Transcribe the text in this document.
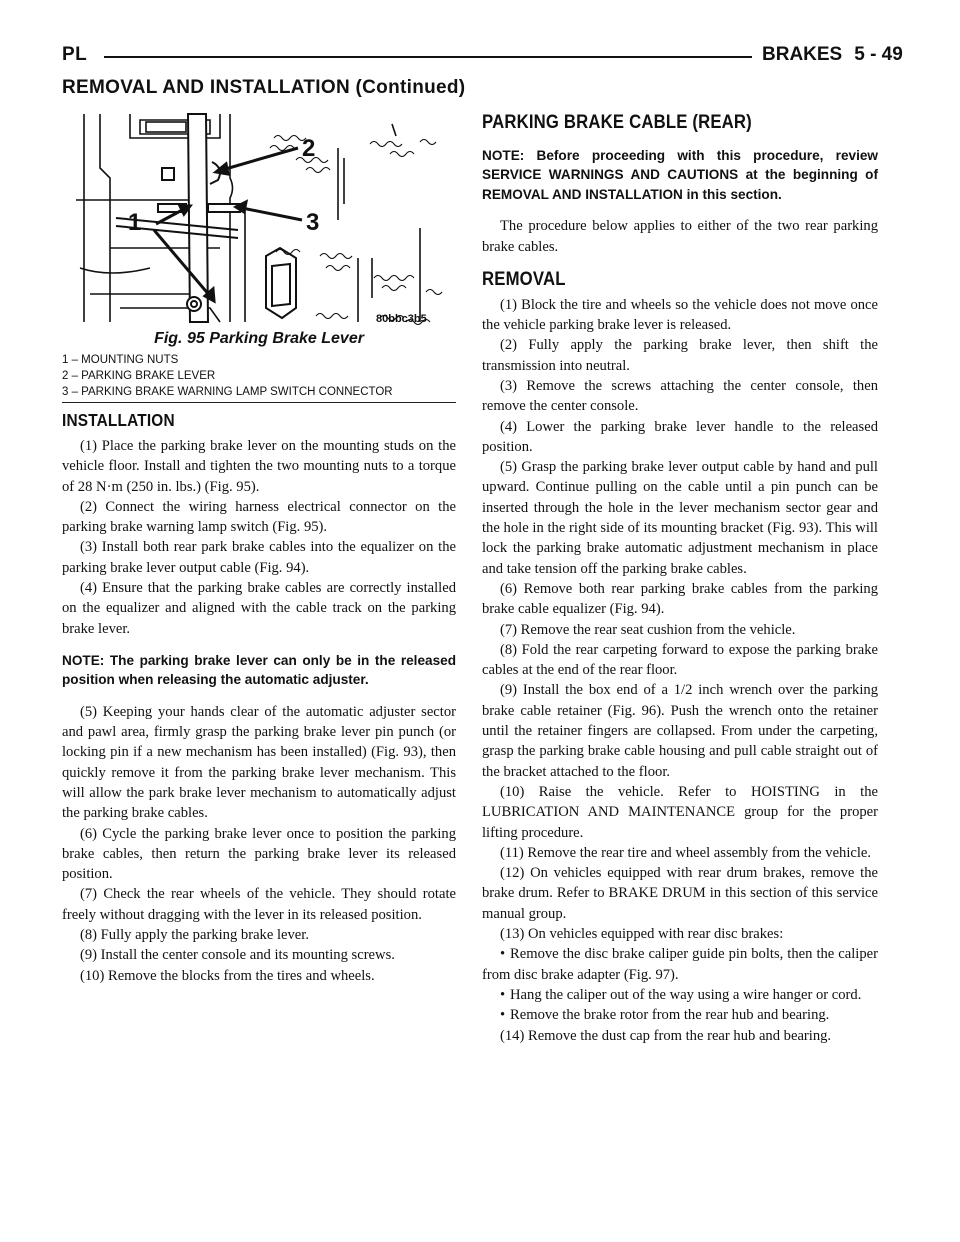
PL	BRAKES 5 - 49
REMOVAL AND INSTALLATION (Continued)
2
3
1
80bbc3b5
Fig. 95 Parking Brake Lever
1 – MOUNTING NUTS
2 – PARKING BRAKE LEVER
3 – PARKING BRAKE WARNING LAMP SWITCH CONNECTOR
INSTALLATION

(1) Place the parking brake lever on the mounting studs on the vehicle floor. Install and tighten the two mounting nuts to a torque of 28 N·m (250 in. lbs.) (Fig. 95).

(2) Connect the wiring harness electrical connector on the parking brake warning lamp switch (Fig. 95).

(3) Install both rear park brake cables into the equalizer on the parking brake lever output cable (Fig. 94).

(4) Ensure that the parking brake cables are correctly installed on the equalizer and aligned with the cable track on the parking brake lever.

NOTE: The parking brake lever can only be in the released position when releasing the automatic adjuster.

(5) Keeping your hands clear of the automatic adjuster sector and pawl area, firmly grasp the parking brake lever pin punch (or locking pin if a new mechanism has been installed) (Fig. 93), then quickly remove it from the parking brake lever mechanism. This will allow the park brake lever mechanism to automatically adjust the parking brake cables.

(6) Cycle the parking brake lever once to position the parking brake cables, then return the parking brake lever its released position.

(7) Check the rear wheels of the vehicle. They should rotate freely without dragging with the lever in its released position.

(8) Fully apply the parking brake lever.

(9) Install the center console and its mounting screws.

(10) Remove the blocks from the tires and wheels.

PARKING BRAKE CABLE (REAR)

NOTE: Before proceeding with this procedure, review SERVICE WARNINGS AND CAUTIONS at the beginning of REMOVAL AND INSTALLATION in this section.

The procedure below applies to either of the two rear parking brake cables.

REMOVAL

(1) Block the tire and wheels so the vehicle does not move once the vehicle parking brake lever is released.

(2) Fully apply the parking brake lever, then shift the transmission into neutral.

(3) Remove the screws attaching the center console, then remove the center console.

(4) Lower the parking brake lever handle to the released position.

(5) Grasp the parking brake lever output cable by hand and pull upward. Continue pulling on the cable until a pin punch can be inserted through the hole in the lever mechanism sector gear and the hole in the right side of its mounting bracket (Fig. 93). This will lock the parking brake automatic adjustment mechanism in place and take tension off the parking brake cables.

(6) Remove both rear parking brake cables from the parking brake cable equalizer (Fig. 94).

(7) Remove the rear seat cushion from the vehicle.

(8) Fold the rear carpeting forward to expose the parking brake cables at the end of the rear floor.

(9) Install the box end of a 1/2 inch wrench over the parking brake cable retainer (Fig. 96). Push the wrench onto the retainer until the retainer fingers are collapsed. From under the carpeting, grasp the parking brake cable housing and pull cable straight out of the bracket attached to the floor.

(10) Raise the vehicle. Refer to HOISTING in the LUBRICATION AND MAINTENANCE group for the proper lifting procedure.

(11) Remove the rear tire and wheel assembly from the vehicle.

(12) On vehicles equipped with rear drum brakes, remove the brake drum. Refer to BRAKE DRUM in this section of this service manual group.

(13) On vehicles equipped with rear disc brakes:

• Remove the disc brake caliper guide pin bolts, then the caliper from disc brake adapter (Fig. 97).

• Hang the caliper out of the way using a wire hanger or cord.

• Remove the brake rotor from the rear hub and bearing.

(14) Remove the dust cap from the rear hub and bearing.
